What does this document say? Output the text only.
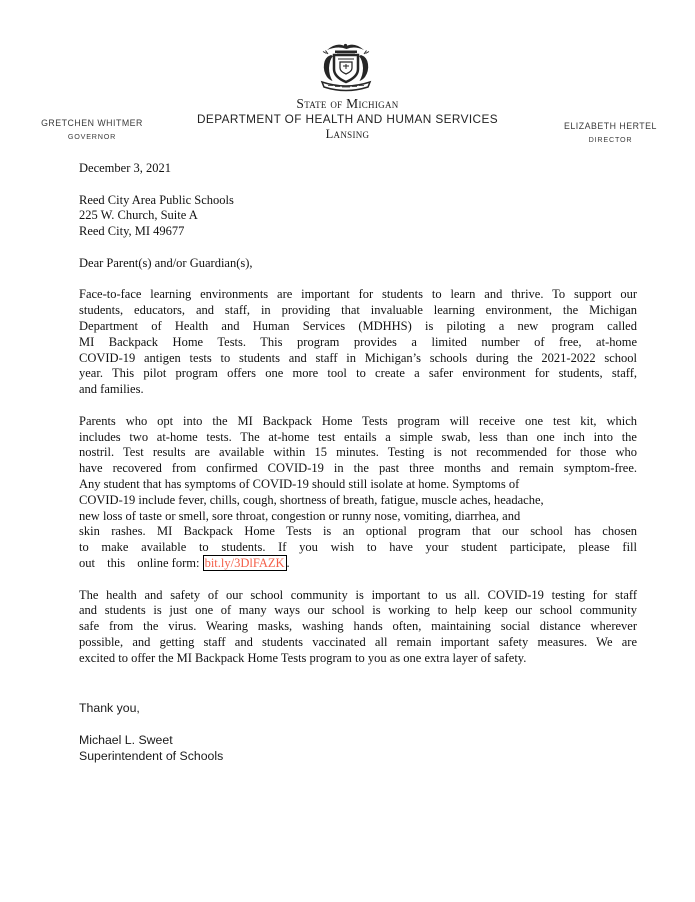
State of Michigan
DEPARTMENT OF HEALTH AND HUMAN SERVICES
Lansing
GRETCHEN WHITMER
GOVERNOR
ELIZABETH HERTEL
DIRECTOR
December 3, 2021
Reed City Area Public Schools
225 W. Church, Suite A
Reed City, MI 49677
Dear Parent(s) and/or Guardian(s),
Face-to-face learning environments are important for students to learn and thrive. To support our
students, educators, and staff, in providing that invaluable learning environment, the Michigan
Department of Health and Human Services (MDHHS) is piloting a new program called
MI Backpack Home Tests. This program provides a limited number of free, at-home
COVID-19 antigen tests to students and staff in Michigan’s schools during the 2021-2022 school
year. This pilot program offers one more tool to create a safer environment for students, staff,
and families.
Parents who opt into the MI Backpack Home Tests program will receive one test kit, which
includes two at-home tests. The at-home test entails a simple swab, less than one inch into the
nostril. Test results are available within 15 minutes. Testing is not recommended for those who
have recovered from confirmed COVID-19 in the past three months and remain symptom-free.
Any student that has symptoms of COVID-19 should still isolate at home. Symptoms of
COVID-19 include fever, chills, cough, shortness of breath, fatigue, muscle aches, headache,
new loss of taste or smell, sore throat, congestion or runny nose, vomiting, diarrhea, and
skin rashes. MI Backpack Home Tests is an optional program that our school has chosen
to make available to students. If you wish to have your student participate, please fill
out this online form: bit.ly/3DlFAZK .
The health and safety of our school community is important to us all. COVID-19 testing for staff
and students is just one of many ways our school is working to help keep our school community
safe from the virus. Wearing masks, washing hands often, maintaining social distance wherever
possible, and getting staff and students vaccinated all remain important safety measures. We are
excited to offer the MI Backpack Home Tests program to you as one extra layer of safety.
Thank you,
Michael L. Sweet
Superintendent of Schools
